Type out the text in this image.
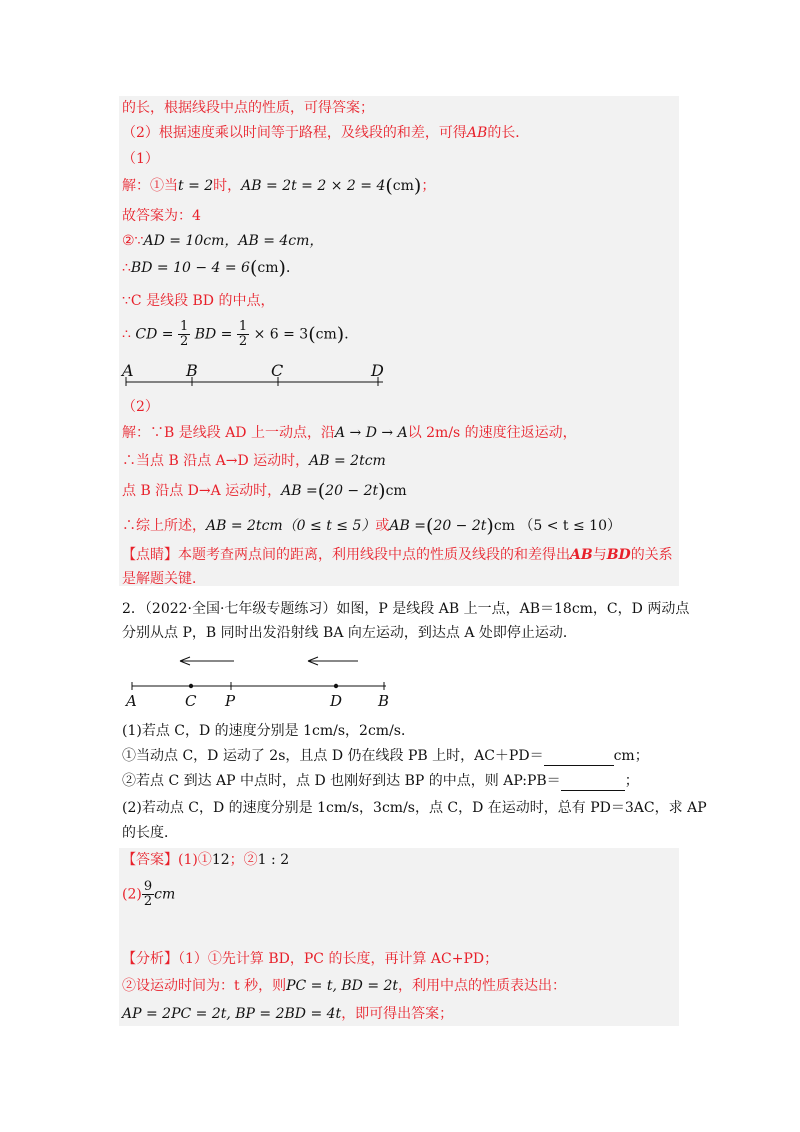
的长，根据线段中点的性质，可得答案；
（2）根据速度乘以时间等于路程，及线段的和差，可得AB的长．
（1）
解：①当t = 2时，AB = 2t = 2 × 2 = 4(cm)；
故答案为：4
②∵AD = 10cm，AB = 4cm，
∴BD = 10 − 4 = 6(cm)．
∵C 是线段 BD 的中点，
∴ CD = $\frac{1}{2}$ BD = $\frac{1}{2} \times 6 = 3(cm)$．
A	B	C	D
（2）
解：∵B 是线段 AD 上一动点，沿A → D → A以 2m/s 的速度往返运动，
∴当点 B 沿点 A→D 运动时，AB = 2tcm
点 B 沿点 D→A 运动时，AB =(20 − 2t)cm
∴综上所述，AB = 2tcm（0 ≤ t ≤ 5）或AB =(20 − 2t)cm （5 < t ≤ 10）
【点睛】本题考查两点间的距离，利用线段中点的性质及线段的和差得出AB与BD的关系
是解题关键．
2．（2022·全国·七年级专题练习）如图，P 是线段 AB 上一点，AB＝18cm，C，D 两动点
分别从点 P，B 同时出发沿射线 BA 向左运动，到达点 A 处即停止运动．
A	C P	D B
(1)若点 C，D 的速度分别是 1cm/s，2cm/s．
①当动点 C，D 运动了 2s，且点 D 仍在线段 PB 上时，AC＋PD＝	cm；
②若点 C 到达 AP 中点时，点 D 也刚好到达 BP 的中点，则 AP:PB＝	；
(2)若动点 C，D 的速度分别是 1cm/s，3cm/s，点 C，D 在运动时，总有 PD＝3AC，求 AP
的长度．
【答案】(1)①12；②1 : 2
$(2) \frac{9}{2}$ cm
【分析】（1）①先计算 BD，PC 的长度，再计算 AC+PD；
②设运动时间为：t 秒，则PC = t, BD = 2t，利用中点的性质表达出：
AP = 2PC = 2t, BP = 2BD = 4t，即可得出答案；
